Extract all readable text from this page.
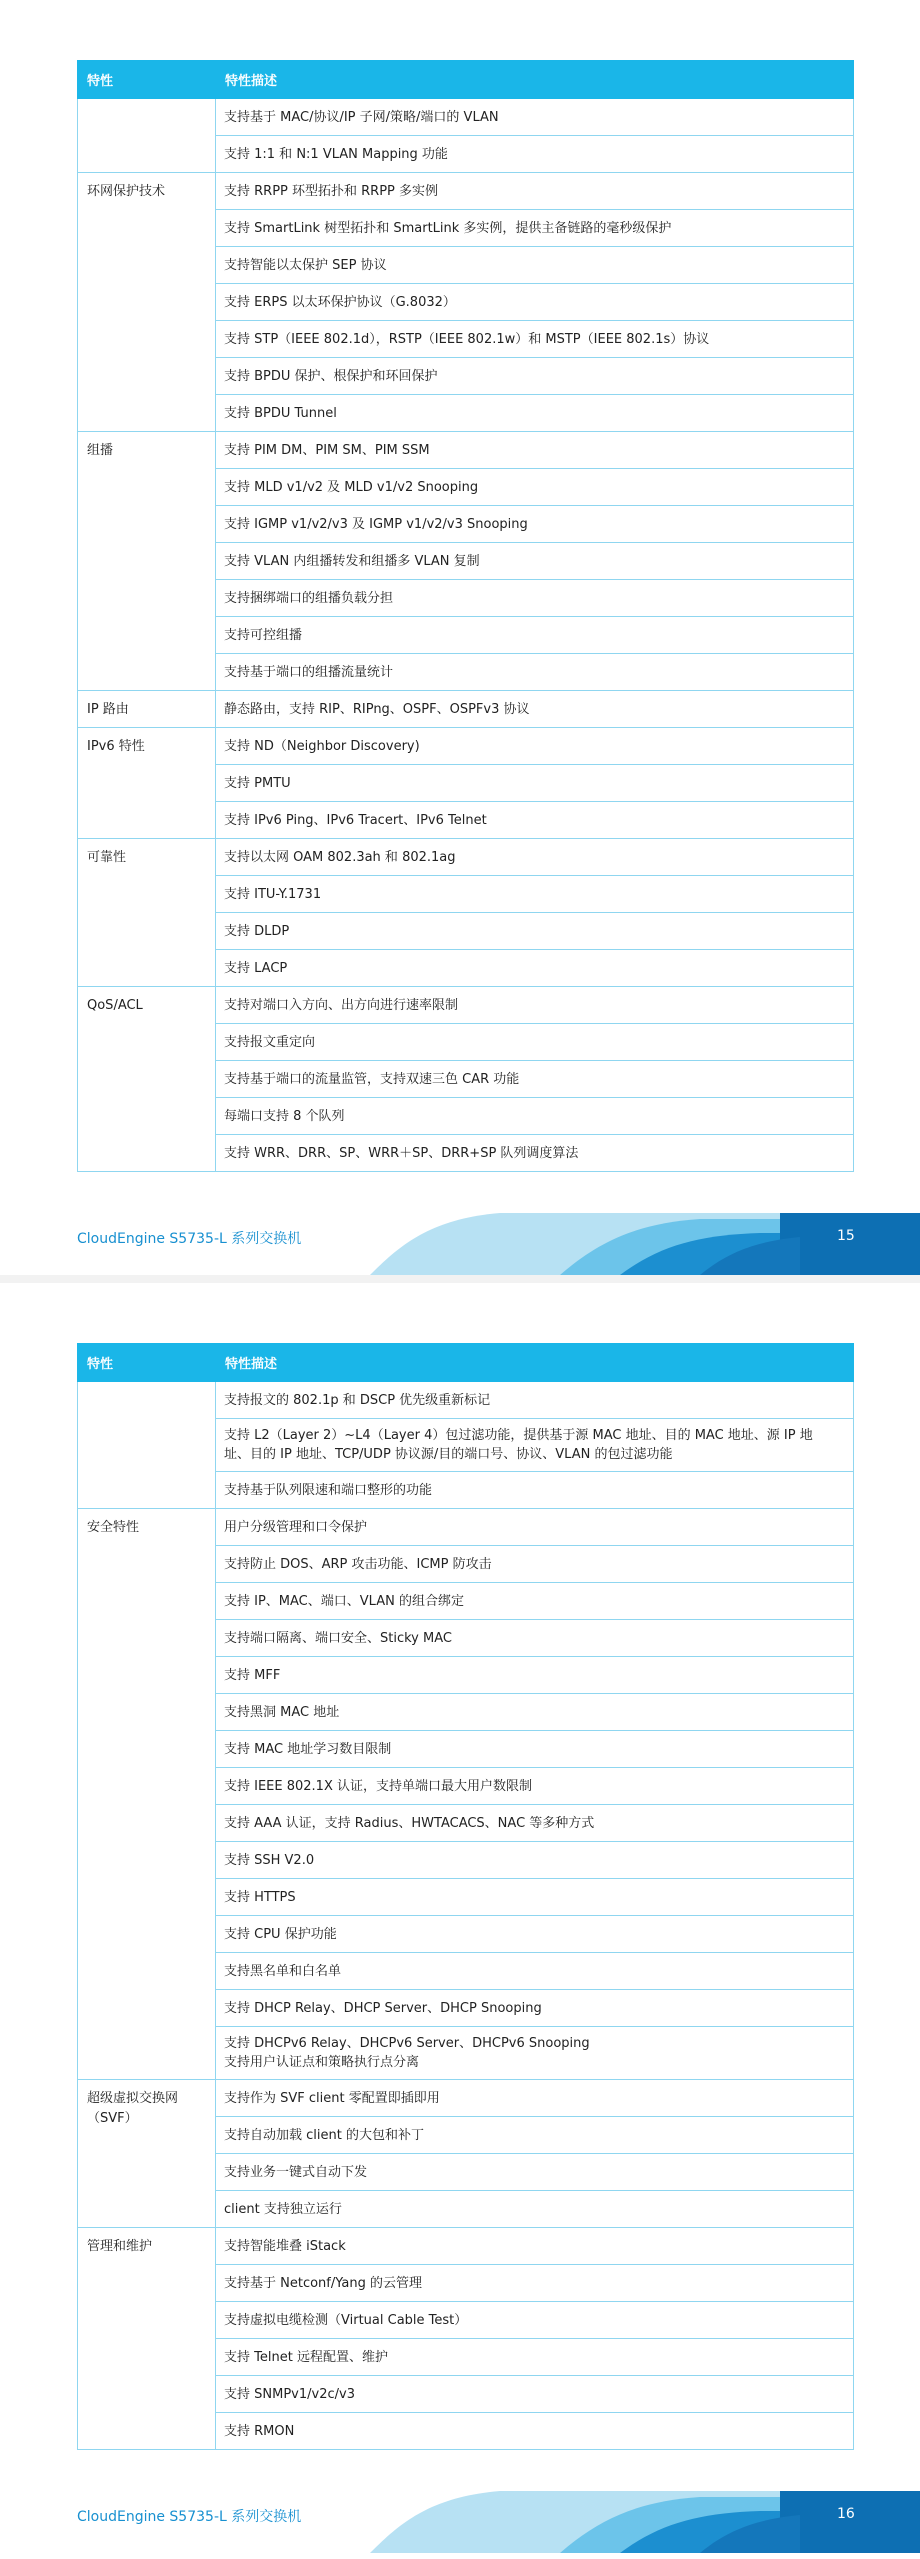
特性	特性描述
	支持基于 MAC/协议/IP 子网/策略/端口的 VLAN
	支持 1:1 和 N:1 VLAN Mapping 功能
环网保护技术	支持 RRPP 环型拓扑和 RRPP 多实例
	支持 SmartLink 树型拓扑和 SmartLink 多实例，提供主备链路的毫秒级保护
	支持智能以太保护 SEP 协议
	支持 ERPS 以太环保护协议（G.8032）
	支持 STP（IEEE 802.1d），RSTP（IEEE 802.1w）和 MSTP（IEEE 802.1s）协议
	支持 BPDU 保护、根保护和环回保护
	支持 BPDU Tunnel
组播	支持 PIM DM、PIM SM、PIM SSM
	支持 MLD v1/v2 及 MLD v1/v2 Snooping
	支持 IGMP v1/v2/v3 及 IGMP v1/v2/v3 Snooping
	支持 VLAN 内组播转发和组播多 VLAN 复制
	支持捆绑端口的组播负载分担
	支持可控组播
	支持基于端口的组播流量统计
IP 路由	静态路由，支持 RIP、RIPng、OSPF、OSPFv3 协议
IPv6 特性	支持 ND（Neighbor Discovery)
	支持 PMTU
	支持 IPv6 Ping、IPv6 Tracert、IPv6 Telnet
可靠性	支持以太网 OAM 802.3ah 和 802.1ag
	支持 ITU-Y.1731
	支持 DLDP
	支持 LACP
QoS/ACL	支持对端口入方向、出方向进行速率限制
	支持报文重定向
	支持基于端口的流量监管，支持双速三色 CAR 功能
	每端口支持 8 个队列
	支持 WRR、DRR、SP、WRR＋SP、DRR+SP 队列调度算法
CloudEngine S5735-L 系列交换机	15
特性	特性描述
	支持报文的 802.1p 和 DSCP 优先级重新标记

	支持 L2（Layer 2）~L4（Layer 4）包过滤功能，提供基于源 MAC 地址、目的 MAC 地址、源 IP 地
址、目的 IP 地址、TCP/UDP 协议源/目的端口号、协议、VLAN 的包过滤功能

	支持基于队列限速和端口整形的功能
安全特性	用户分级管理和口令保护
	支持防止 DOS、ARP 攻击功能、ICMP 防攻击
	支持 IP、MAC、端口、VLAN 的组合绑定
	支持端口隔离、端口安全、Sticky MAC
	支持 MFF
	支持黑洞 MAC 地址
	支持 MAC 地址学习数目限制
	支持 IEEE 802.1X 认证，支持单端口最大用户数限制
	支持 AAA 认证，支持 Radius、HWTACACS、NAC 等多种方式
	支持 SSH V2.0
	支持 HTTPS
	支持 CPU 保护功能
	支持黑名单和白名单
	支持 DHCP Relay、DHCP Server、DHCP Snooping

	支持 DHCPv6 Relay、DHCPv6 Server、DHCPv6 Snooping
支持用户认证点和策略执行点分离

超级虚拟交换网
（SVF）	支持作为 SVF client 零配置即插即用
	支持自动加载 client 的大包和补丁
	支持业务一键式自动下发
	client 支持独立运行
管理和维护	支持智能堆叠 iStack
	支持基于 Netconf/Yang 的云管理
	支持虚拟电缆检测（Virtual Cable Test）
	支持 Telnet 远程配置、维护
	支持 SNMPv1/v2c/v3
	支持 RMON
CloudEngine S5735-L 系列交换机	16
